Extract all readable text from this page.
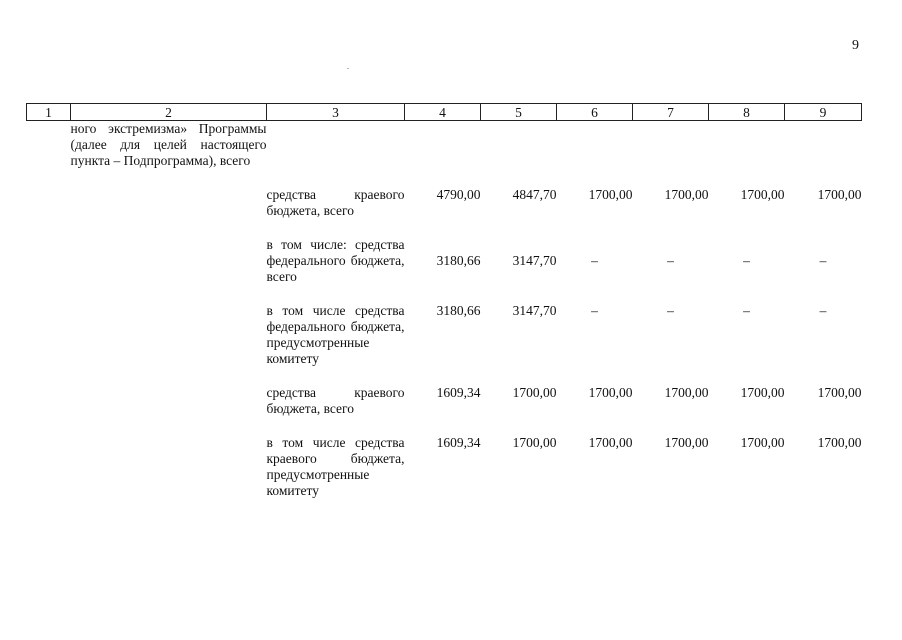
9
1	2	3	4	5	6	7	8	9
	ного экстремизма» Программы (далее для целей настоящего пункта – Подпрограмма), всего							

		средства краевого бюджета, всего	4790,00	4847,70	1700,00	1700,00	1700,00	1700,00

		в том числе: средства федерального бюджета, всего	3180,66	3147,70	–	–	–	–

		в том числе средства федерального бюджета, предусмотренные комитету	3180,66	3147,70	–	–	–	–

		средства краевого бюджета, всего	1609,34	1700,00	1700,00	1700,00	1700,00	1700,00

		в том числе средства краевого бюджета, предусмотренные комитету	1609,34	1700,00	1700,00	1700,00	1700,00	1700,00
